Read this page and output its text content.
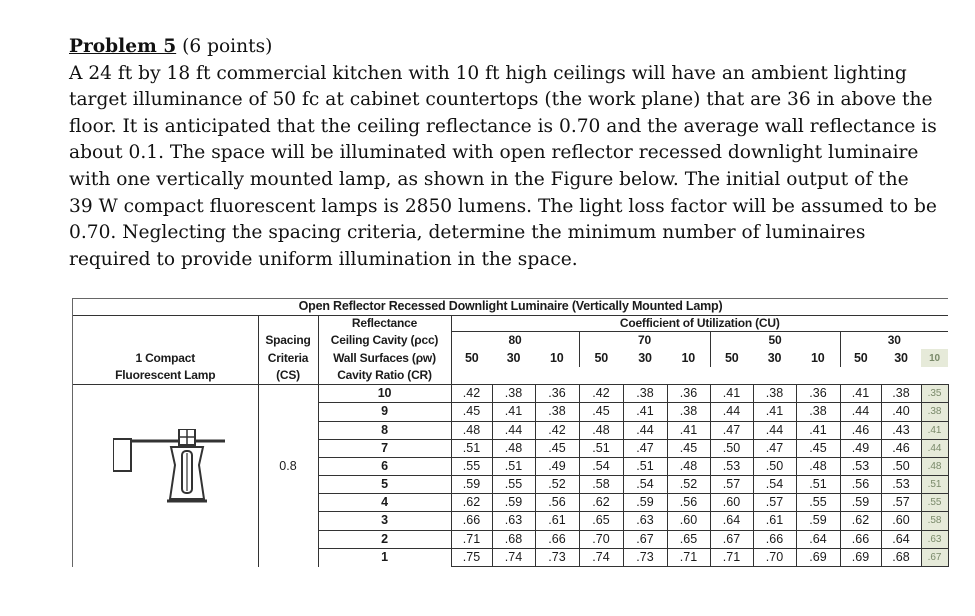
Problem 5 (6 points)

A 24 ft by 18 ft commercial kitchen with 10 ft high ceilings will have an ambient lighting

target illuminance of 50 fc at cabinet countertops (the work plane) that are 36 in above the

floor. It is anticipated that the ceiling reflectance is 0.70 and the average wall reflectance is

about 0.1. The space will be illuminated with open reflector recessed downlight luminaire

with one vertically mounted lamp, as shown in the Figure below. The initial output of the

39 W compact fluorescent lamps is 2850 lumens. The light loss factor will be assumed to be

0.70. Neglecting the spacing criteria, determine the minimum number of luminaires

required to provide uniform illumination in the space.

Open Reflector Recessed Downlight Luminaire (Vertically Mounted Lamp)														
		Reflectance	Coefficient of Utilization (CU)											
	Spacing	Ceiling Cavity (ρcc)	80			70			50			30		
1 Compact	Criteria	Wall Surfaces (ρw)	50	30	10	50	30	10	50	30	10	50	30	10
Fluorescent Lamp	(CS)	Cavity Ratio (CR)												
		10	.42	.38	.36	.42	.38	.36	.41	.38	.36	.41	.38	.35
		9	.45	.41	.38	.45	.41	.38	.44	.41	.38	.44	.40	.38
		8	.48	.44	.42	.48	.44	.41	.47	.44	.41	.46	.43	.41
		7	.51	.48	.45	.51	.47	.45	.50	.47	.45	.49	.46	.44
	0.8	6	.55	.51	.49	.54	.51	.48	.53	.50	.48	.53	.50	.48
		5	.59	.55	.52	.58	.54	.52	.57	.54	.51	.56	.53	.51
		4	.62	.59	.56	.62	.59	.56	.60	.57	.55	.59	.57	.55
		3	.66	.63	.61	.65	.63	.60	.64	.61	.59	.62	.60	.58
		2	.71	.68	.66	.70	.67	.65	.67	.66	.64	.66	.64	.63
		1	.75	.74	.73	.74	.73	.71	.71	.70	.69	.69	.68	.67
